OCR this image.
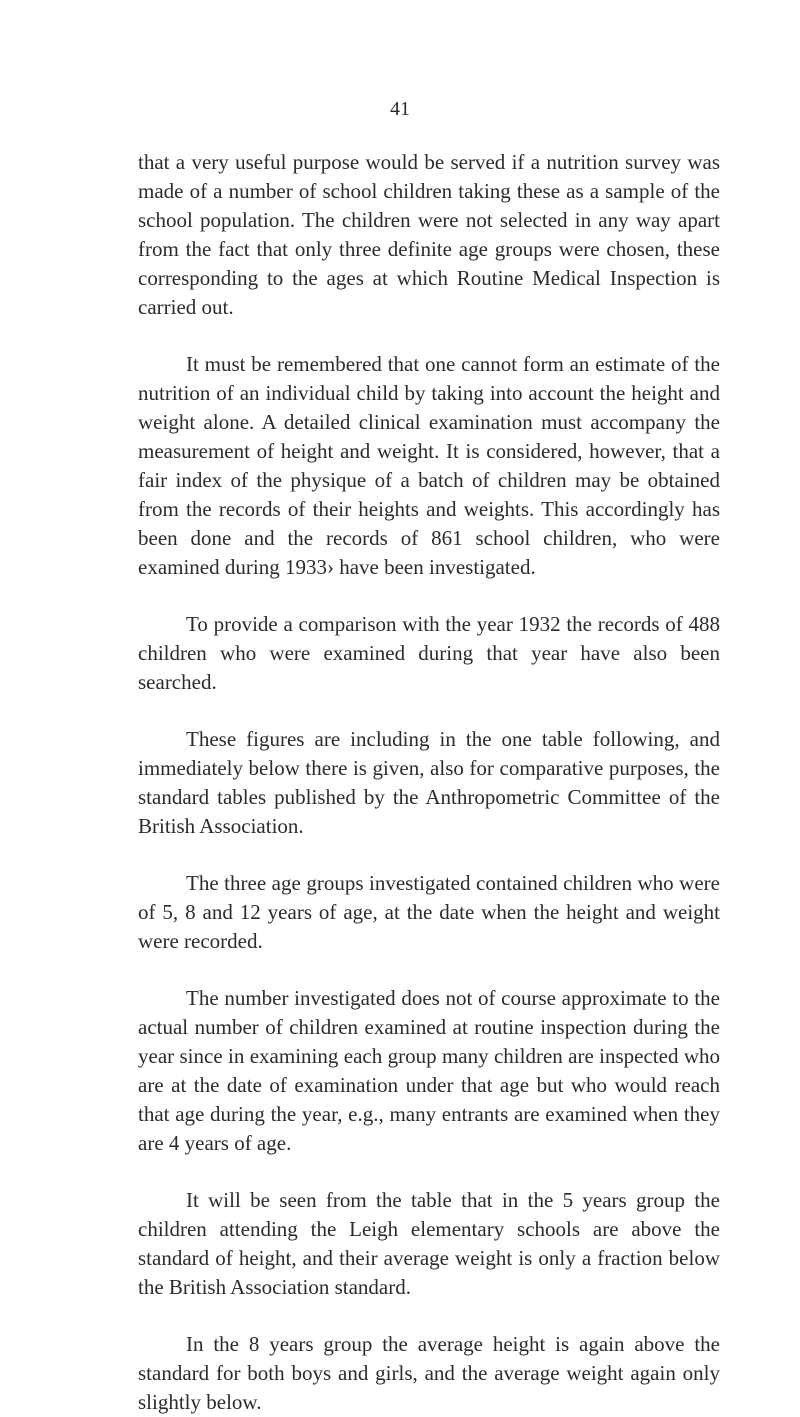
41

that a very useful purpose would be served if a nutrition survey was made of a number of school children taking these as a sample of the school population. The children were not selected in any way apart from the fact that only three definite age groups were chosen, these corresponding to the ages at which Routine Medical Inspection is carried out.

It must be remembered that one cannot form an estimate of the nutrition of an individual child by taking into account the height and weight alone. A detailed clinical examination must accompany the measurement of height and weight. It is considered, however, that a fair index of the physique of a batch of children may be obtained from the records of their heights and weights. This accordingly has been done and the records of 861 school children, who were examined during 1933› have been investigated.

To provide a comparison with the year 1932 the records of 488 children who were examined during that year have also been searched.

These figures are including in the one table following, and immediately below there is given, also for comparative purposes, the standard tables published by the Anthropometric Committee of the British Association.

The three age groups investigated contained children who were of 5, 8 and 12 years of age, at the date when the height and weight were recorded.

The number investigated does not of course approximate to the actual number of children examined at routine inspection during the year since in examining each group many children are inspected who are at the date of examination under that age but who would reach that age during the year, e.g., many entrants are examined when they are 4 years of age.

It will be seen from the table that in the 5 years group the children attending the Leigh elementary schools are above the standard of height, and their average weight is only a fraction below the British Association standard.

In the 8 years group the average height is again above the standard for both boys and girls, and the average weight again only slightly below.
